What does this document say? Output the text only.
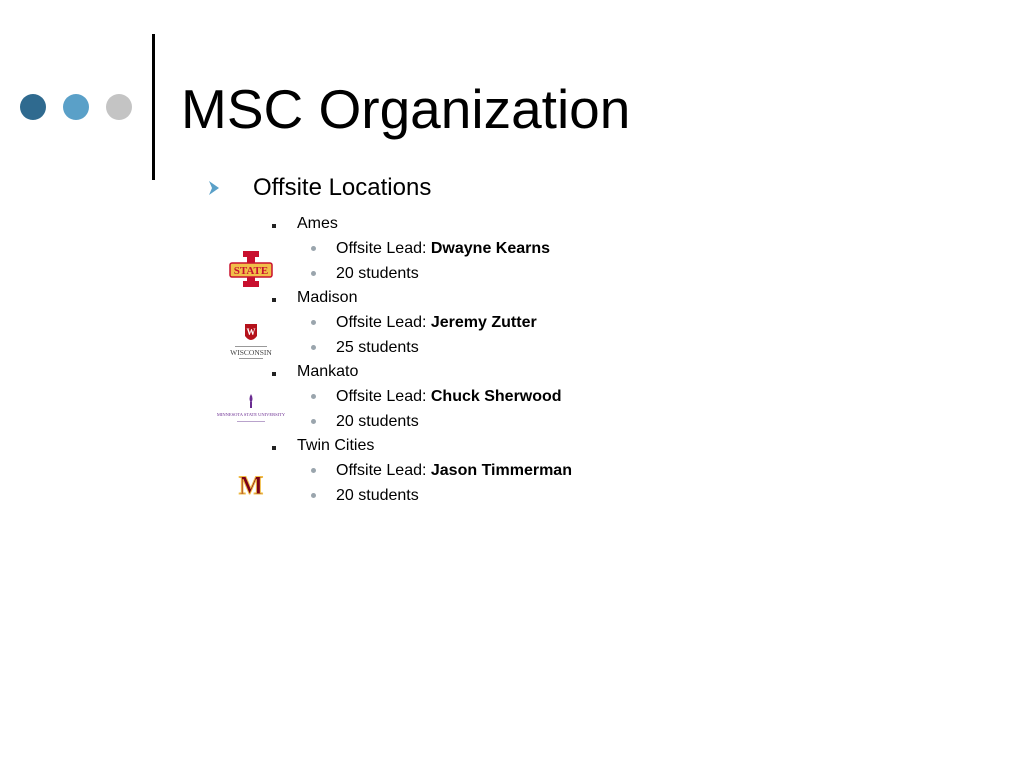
MSC Organization
Offsite Locations
Ames
Offsite Lead: Dwayne Kearns
20 students
STATE
Madison
Offsite Lead: Jeremy Zutter
25 students
W
WISCONSIN
Mankato
Offsite Lead: Chuck Sherwood
20 students
MINNESOTA STATE UNIVERSITY
Twin Cities
Offsite Lead: Jason Timmerman
20 students
M
